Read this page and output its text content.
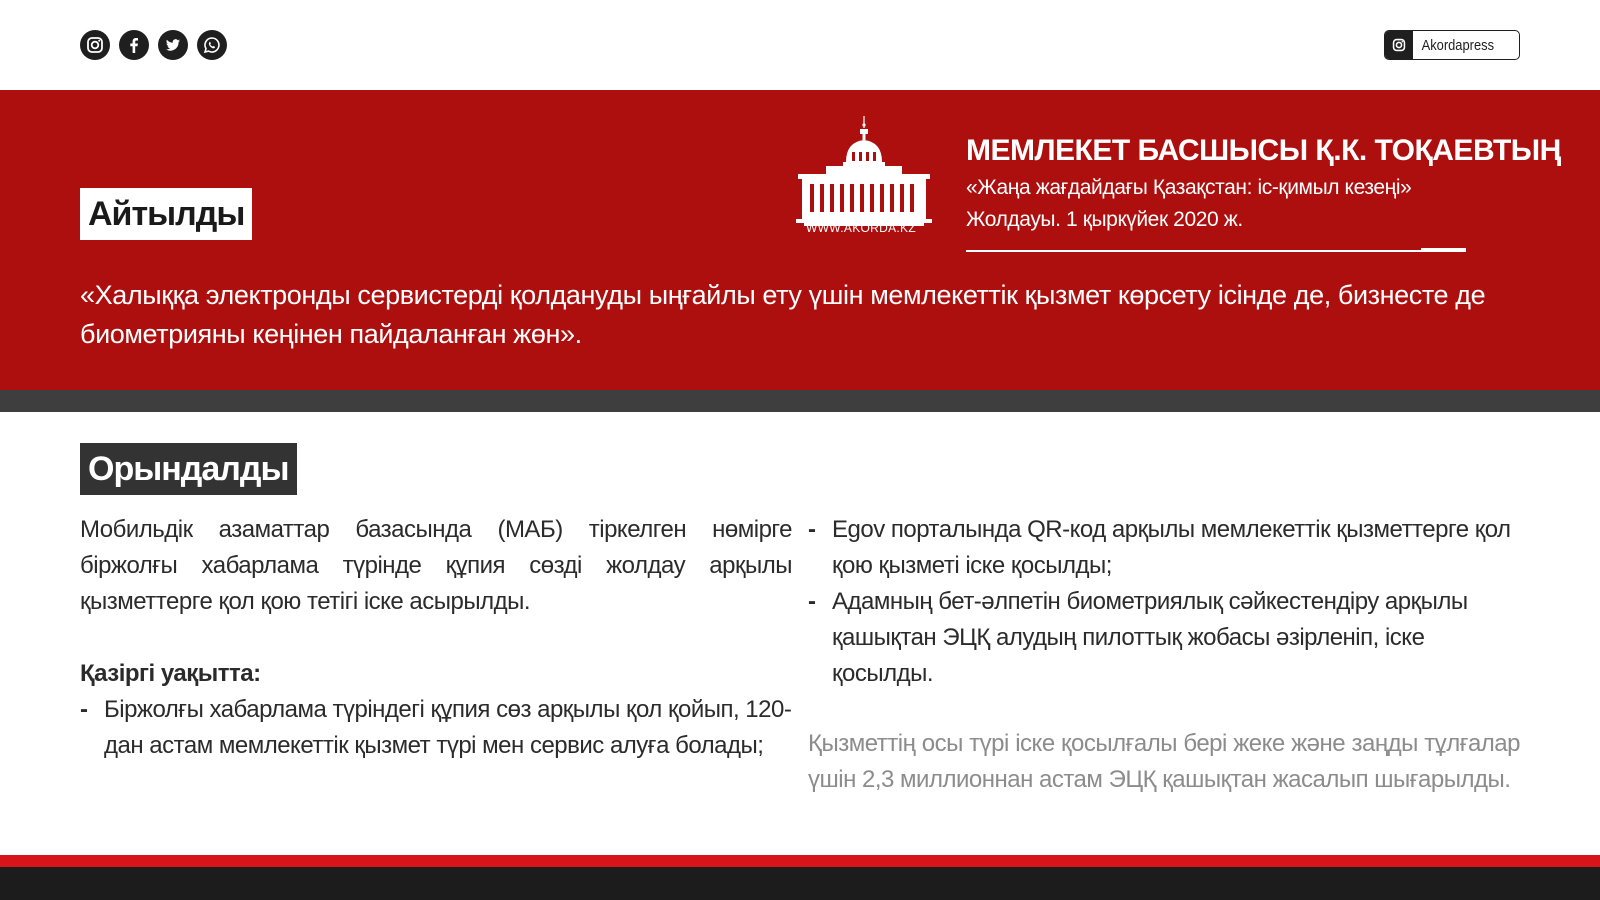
Akordapress
Айтылды	WWW.AKORDA.KZ
МЕМЛЕКЕТ БАСШЫСЫ Қ.К. ТОҚАЕВТЫҢ
«Жаңа жағдайдағы Қазақстан: іс-қимыл кезеңі»
Жолдауы. 1 қыркүйек 2020 ж.

«Халыққа электронды сервистерді қолдануды ыңғайлы ету үшін мемлекеттік қызмет көрсету ісінде де, бизнесте де биометрияны кеңінен пайдаланған жөн».

Орындалды

Мобильдік азаматтар базасында (МАБ) тіркелген нөмірге біржолғы хабарлама түрінде құпия сөзді жолдау арқылы қызметтерге қол қою тетігі іске асырылды.

Қазіргі уақытта:

- Біржолғы хабарлама түріндегі құпия сөз арқылы қол қойып, 120-дан астам мемлекеттік қызмет түрі мен сервис алуға болады;

- Egov порталында QR-код арқылы мемлекеттік қызметтерге қол қою қызметі іске қосылды;

- Адамның бет-әлпетін биометриялық сәйкестендіру арқылы қашықтан ЭЦҚ алудың пилоттық жобасы әзірленіп, іске қосылды.

Қызметтің осы түрі іске қосылғалы бері жеке және заңды тұлғалар үшін 2,3 миллионнан астам ЭЦҚ қашықтан жасалып шығарылды.
